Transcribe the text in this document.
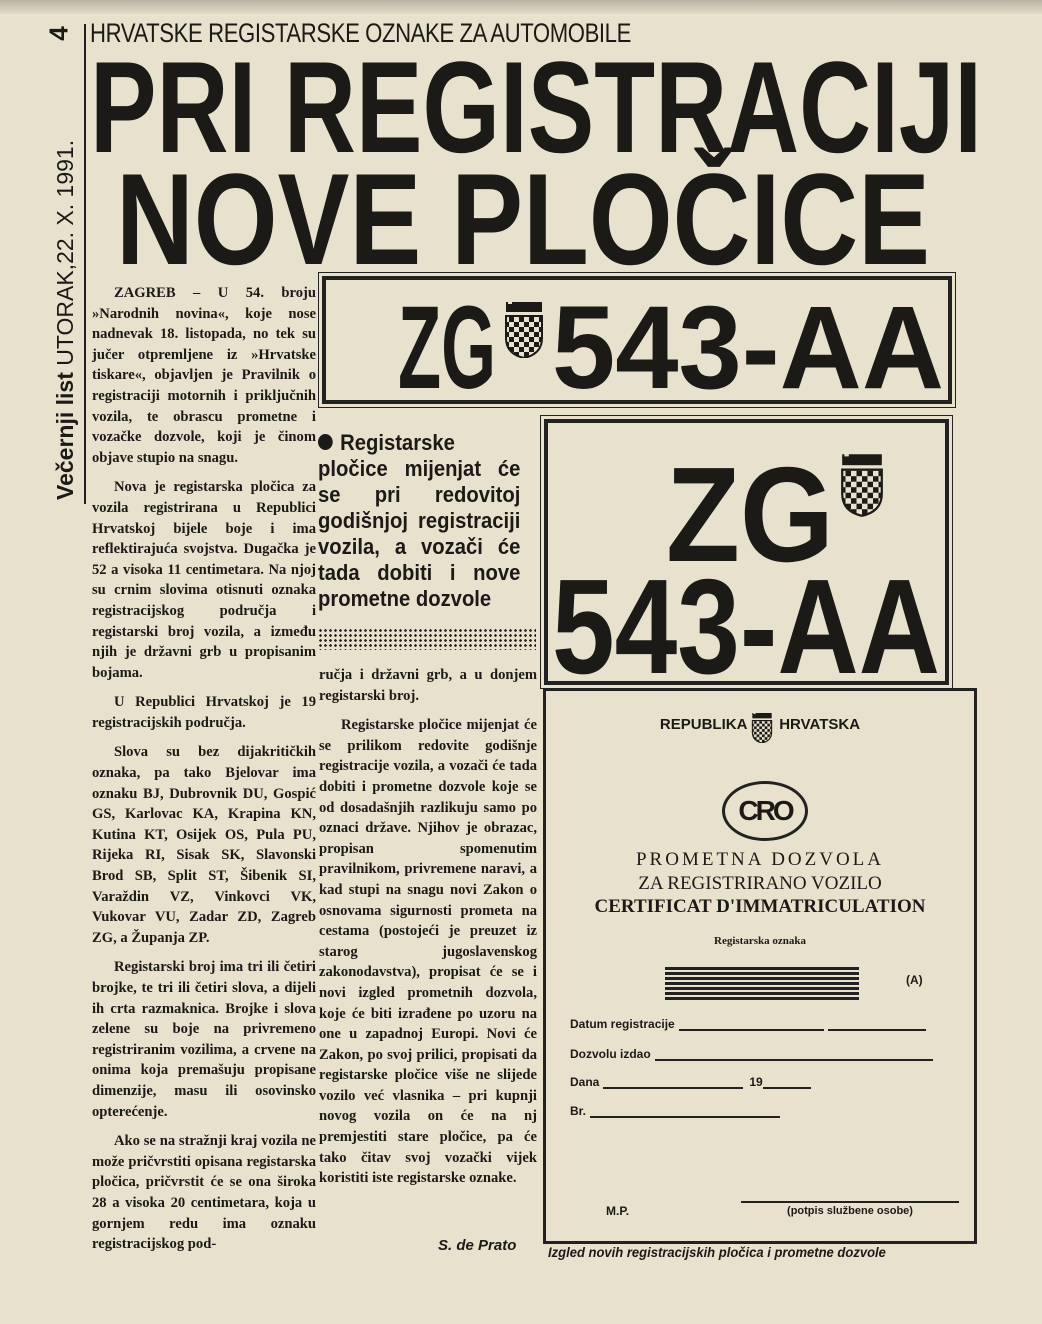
4 HRVATSKE REGISTARSKE OZNAKE ZA AUTOMOBILE
PRI REGISTRACIJI
NOVE PLOČICE
Večernji list UTORAK,22. X. 1991.	ZAGREB – U 54. broju »Narodnih novina«, koje nose nadnevak 18. listopada, no tek su jučer otpremljene iz »Hrvatske tiskare«, objavljen je Pravilnik o registraciji motornih i priključnih vozila, te obrascu prometne i vozačke dozvole, koji je činom objave stupio na snagu.

Nova je registarska pločica za vozila registrirana u Republici Hrvatskoj bijele boje i ima reflektirajuća svojstva. Dugačka je 52 a visoka 11 centimetara. Na njoj su crnim slovima otisnuti oznaka registracijskog područja i registarski broj vozila, a između njih je državni grb u propisanim bojama.

U Republici Hrvatskoj je 19 registracijskih područja.

Slova su bez dijakritičkih oznaka, pa tako Bjelovar ima oznaku BJ, Dubrovnik DU, Gospić GS, Karlovac KA, Krapina KN, Kutina KT, Osijek OS, Pula PU, Rijeka RI, Sisak SK, Slavonski Brod SB, Split ST, Šibenik SI, Varaždin VZ, Vinkovci VK, Vukovar VU, Zadar ZD, Zagreb ZG, a Županja ZP.

Registarski broj ima tri ili četiri brojke, te tri ili četiri slova, a dijeli ih crta razmaknica. Brojke i slova zelene su boje na privremeno registriranim vozilima, a crvene na onima koja premašuju propisane dimenzije, masu ili osovinsko opterećenje.

Ako se na stražnji kraj vozila ne može pričvrstiti opisana registarska pločica, pričvrstit će se ona široka 28 a visoka 20 centimetara, koja u gornjem redu ima oznaku registracijskog pod-

ZG 543-AA
ZG
543-AA
Registarske pločice mijenjat će se pri redovitoj godišnjoj registraciji vozila, a vozači će tada dobiti i nove prometne dozvole

ručja i državni grb, a u donjem registarski broj.

Registarske pločice mijenjat će se prilikom redovite godišnje registracije vozila, a vozači će tada dobiti i prometne dozvole koje se od dosadašnjih razlikuju samo po oznaci države. Njihov je obrazac, propisan spomenutim pravilnikom, privremene naravi, a kad stupi na snagu novi Zakon o osnovama sigurnosti prometa na cestama (postojeći je preuzet iz starog jugoslavenskog zakonodavstva), propisat će se i novi izgled prometnih dozvola, koje će biti izrađene po uzoru na one u zapadnoj Europi. Novi će Zakon, po svoj prilici, propisati da registarske pločice više ne slijede vozilo već vlasnika – pri kupnji novog vozila on će na nj premjestiti stare pločice, pa će tako čitav svoj vozački vijek koristiti iste registarske oznake.

S. de Prato
REPUBLIKA HRVATSKA
CRO
PROMETNA DOZVOLA
ZA REGISTRIRANO VOZILO
CERTIFICAT D'IMMATRICULATION
Registarska oznaka
(A)
Datum registracije
Dozvolu izdao
Dana	19
Br.
M.P.	(potpis službene osobe)
Izgled novih registracijskih pločica i prometne dozvole
